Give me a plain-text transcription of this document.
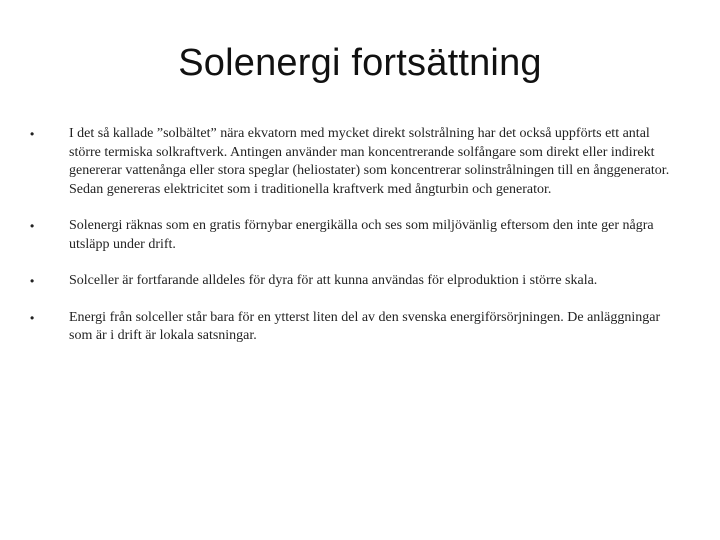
Solenergi fortsättning
•	I det så kallade ”solbältet” nära ekvatorn med mycket direkt solstrålning har det också uppförts ett antal större termiska solkraftverk. Antingen använder man koncentrerande solfångare som direkt eller indirekt genererar vattenånga eller stora speglar (heliostater) som koncentrerar solinstrålningen till en ånggenerator. Sedan genereras elektricitet som i traditionella kraftverk med ångturbin och generator.
•	Solenergi räknas som en gratis förnybar energikälla och ses som miljövänlig eftersom den inte ger några utsläpp under drift.
•	Solceller är fortfarande alldeles för dyra för att kunna användas för elproduktion i större skala.
•	Energi från solceller står bara för en ytterst liten del av den svenska energiförsörjningen. De anläggningar som är i drift är lokala satsningar.
